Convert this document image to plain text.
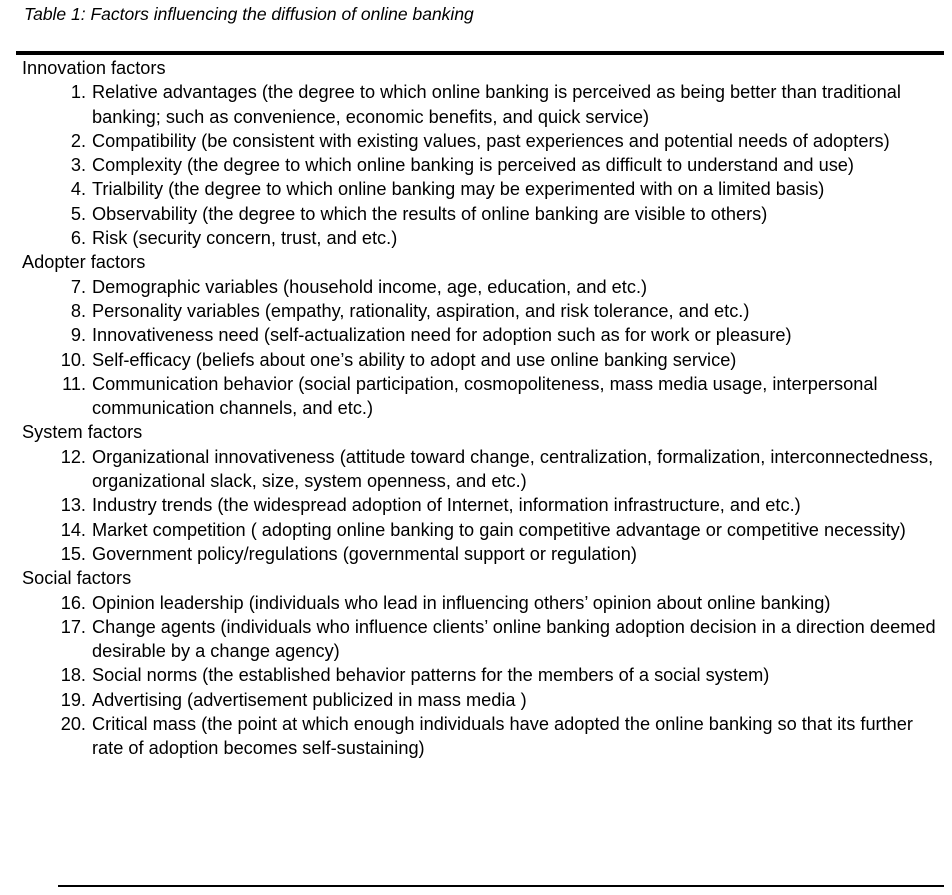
Table 1: Factors influencing the diffusion of online banking
Innovation factors
1. Relative advantages (the degree to which online banking is perceived as being better than traditional banking; such as convenience, economic benefits, and quick service)
2. Compatibility (be consistent with existing values, past experiences and potential needs of adopters)
3. Complexity (the degree to which online banking is perceived as difficult to understand and use)
4. Trialbility (the degree to which online banking may be experimented with on a limited basis)
5. Observability (the degree to which the results of online banking are visible to others)
6. Risk (security concern, trust, and etc.)
Adopter factors
7. Demographic variables (household income, age, education, and etc.)
8. Personality variables (empathy, rationality, aspiration, and risk tolerance, and etc.)
9. Innovativeness need (self-actualization need for adoption such as for work or pleasure)
10. Self-efficacy (beliefs about one’s ability to adopt and use online banking service)
11. Communication behavior (social participation, cosmopoliteness, mass media usage, interpersonal communication channels, and etc.)
System factors
12. Organizational innovativeness (attitude toward change, centralization, formalization, interconnectedness, organizational slack, size, system openness, and etc.)
13. Industry trends (the widespread adoption of Internet, information infrastructure, and etc.)
14. Market competition ( adopting online banking to gain competitive advantage or competitive necessity)
15. Government policy/regulations (governmental support or regulation)
Social factors
16. Opinion leadership (individuals who lead in influencing others’ opinion about online banking)
17. Change agents (individuals who influence clients’ online banking adoption decision in a direction deemed desirable by a change agency)
18. Social norms (the established behavior patterns for the members of a social system)
19. Advertising (advertisement publicized in mass media )
20. Critical mass (the point at which enough individuals have adopted the online banking so that its further rate of adoption becomes self-sustaining)
